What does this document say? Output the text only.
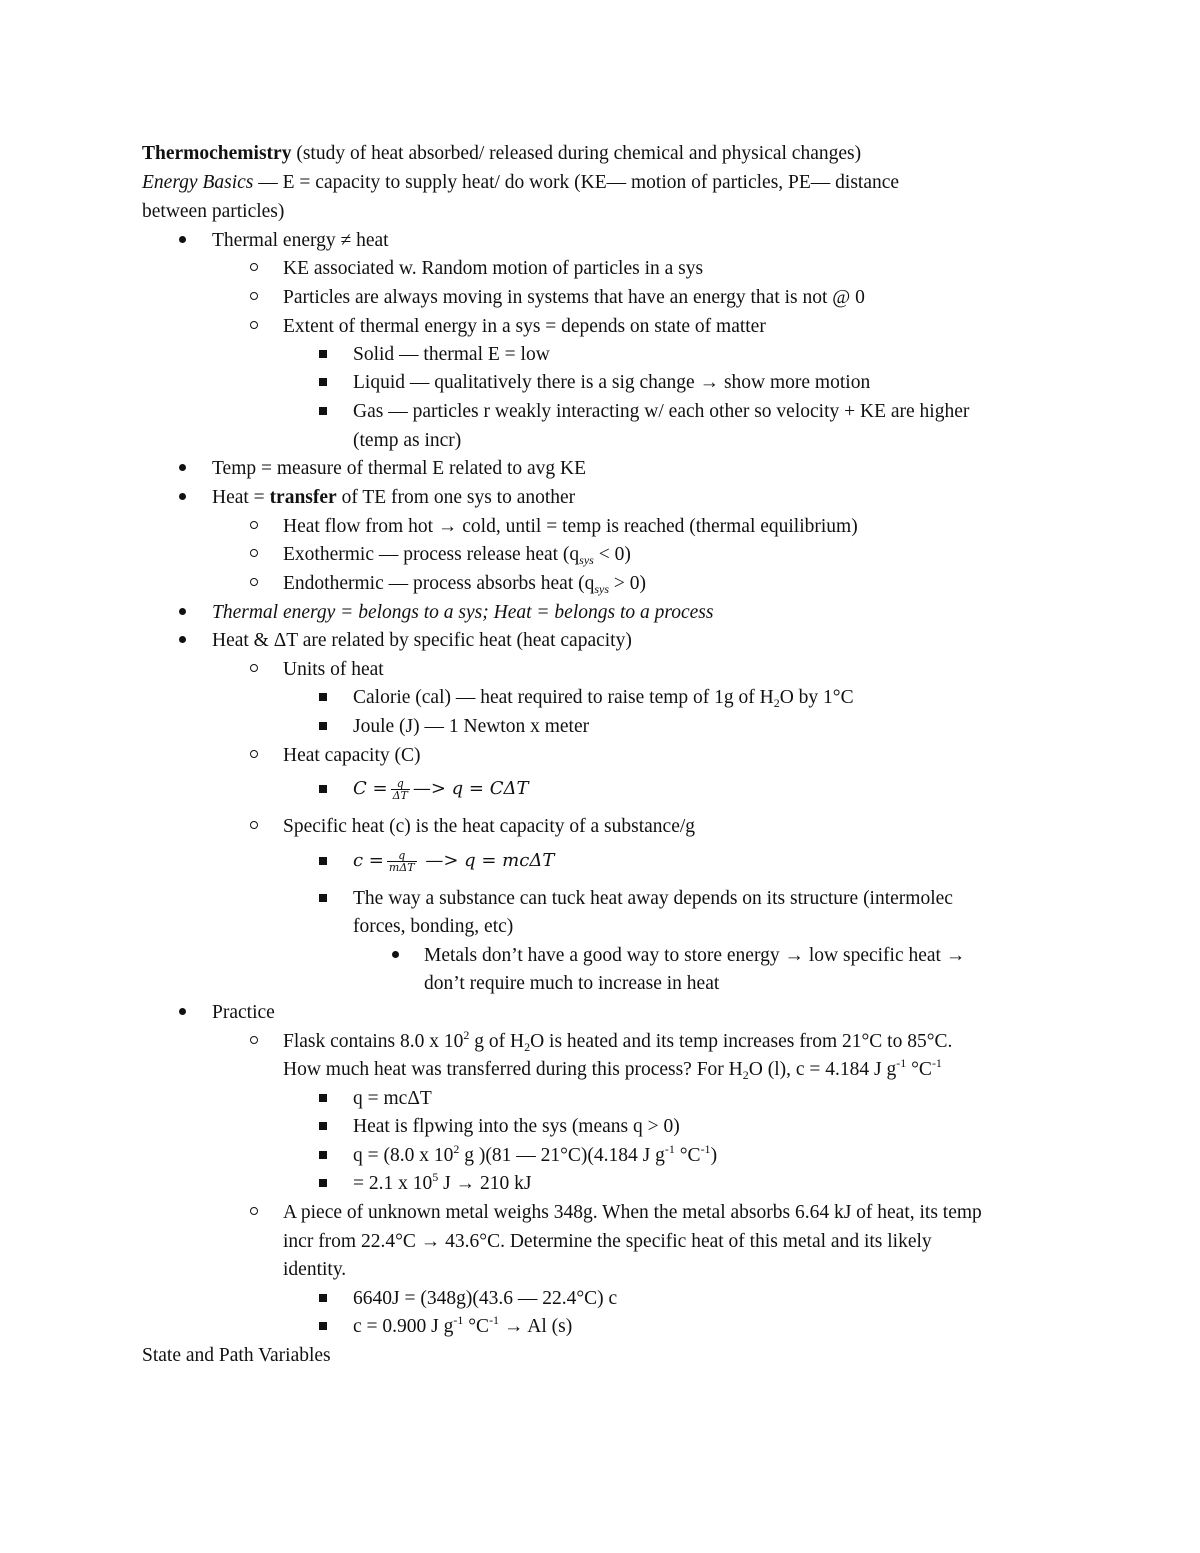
Thermochemistry (study of heat absorbed/ released during chemical and physical changes)
Energy Basics — E = capacity to supply heat/ do work (KE— motion of particles, PE— distance
between particles)
Thermal energy ≠ heat
KE associated w. Random motion of particles in a sys
Particles are always moving in systems that have an energy that is not @ 0
Extent of thermal energy in a sys = depends on state of matter
Solid — thermal E = low
Liquid — qualitatively there is a sig change → show more motion
Gas — particles r weakly interacting w/ each other so velocity + KE are higher
(temp as incr)
Temp = measure of thermal E related to avg KE
Heat = transfer of TE from one sys to another
Heat flow from hot → cold, until = temp is reached (thermal equilibrium)
Exothermic — process release heat $(q_{sys} < 0)$
Endothermic — process absorbs heat $(q_{sys} > 0)$
Thermal energy = belongs to a sys; Heat = belongs to a process
Heat & ΔT are related by specific heat (heat capacity)
Units of heat
Calorie (cal) — heat required to raise temp of 1g of $H_2O$ by 1°C
Joule (J) — 1 Newton x meter
Heat capacity (C)
$C = \frac{q}{\Delta T}$ —> q = CΔT
Specific heat (c) is the heat capacity of a substance/g
$c = \frac{q}{\text{mΔT}}$ —> q = mcΔT
The way a substance can tuck heat away depends on its structure (intermolec
forces, bonding, etc)
Metals don’t have a good way to store energy → low specific heat →
don’t require much to increase in heat
Practice
Flask contains 8.0 x $10^2$ g of $H_2O$ is heated and its temp increases from 21°C to 85°C.
How much heat was transferred during this process? For $H_2O$ (l), c = 4.184 J $g^{-1}$ $^\circ C^{-1}$
q = mcΔT
Heat is flpwing into the sys (means q > 0)
q = (8.0 x $10^2$ g )(81 — 21°C)(4.184 J $g^{-1}$ $^\circ C^{-1}$)
= 2.1 x $10^5$ J → 210 kJ
A piece of unknown metal weighs 348g. When the metal absorbs 6.64 kJ of heat, its temp
incr from 22.4°C → 43.6°C. Determine the specific heat of this metal and its likely
identity.
6640J = (348g)(43.6 — 22.4°C) c
c = 0.900 J $g^{-1}$ $^\circ C^{-1} \to Al$ (s)
State and Path Variables
